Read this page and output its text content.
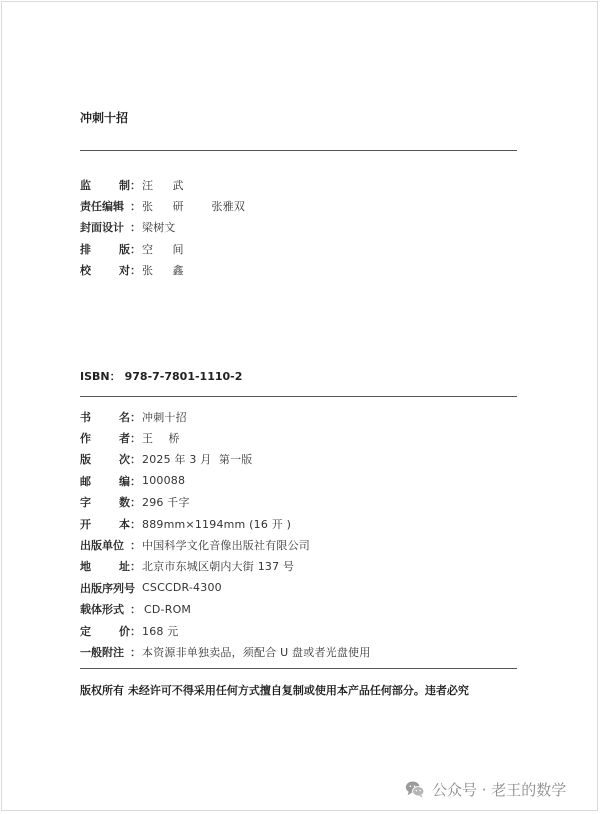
冲刺十招
监	制 ： 汪 武
责任编辑 ： 张 研 张雅双
封面设计 ： 梁树文
排	版 ： 空 间
校	对 ： 张 鑫
ISBN： 978-7-7801-1110-2
书	名 ： 冲刺十招
作	者 ： 王 桥
版	次 ： 2025 年 3 月  第一版
邮	编 ： 100088
字	数 ： 296 千字
开	本 ： 889mm×1194mm (16 开 )
出版单位 ： 中国科学文化音像出版社有限公司
地	址 ： 北京市东城区朝内大街 137 号
出版序列号 CSCCDR-4300
载体形式 ： CD-ROM
定	价 ： 168 元
一般附注 ： 本资源非单独卖品，须配合 U 盘或者光盘使用
版权所有 未经许可不得采用任何方式擅自复制或使用本产品任何部分。违者必究
公众号 · 老王的数学
